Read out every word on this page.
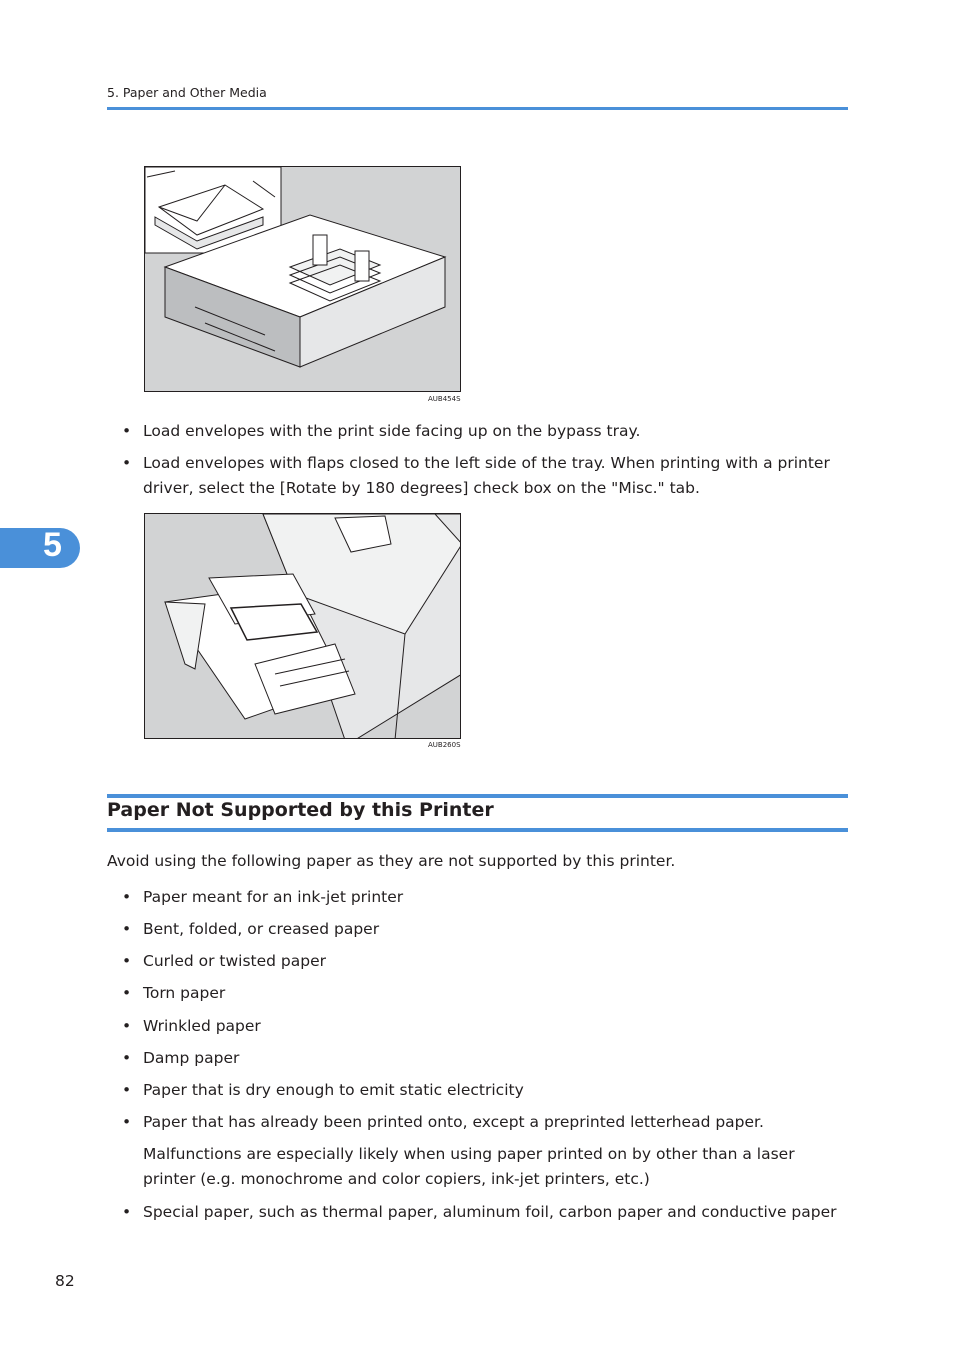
5. Paper and Other Media
AUB454S
• Load envelopes with the print side facing up on the bypass tray.
• Load envelopes with flaps closed to the left side of the tray. When printing with a printer driver, select the [Rotate by 180 degrees] check box on the "Misc." tab.
5
AUB260S
Paper Not Supported by this Printer
Avoid using the following paper as they are not supported by this printer.
• Paper meant for an ink-jet printer
• Bent, folded, or creased paper
• Curled or twisted paper
• Torn paper
• Wrinkled paper
• Damp paper
• Paper that is dry enough to emit static electricity
• Paper that has already been printed onto, except a preprinted letterhead paper.
Malfunctions are especially likely when using paper printed on by other than a laser printer (e.g. monochrome and color copiers, ink-jet printers, etc.)
• Special paper, such as thermal paper, aluminum foil, carbon paper and conductive paper
82
